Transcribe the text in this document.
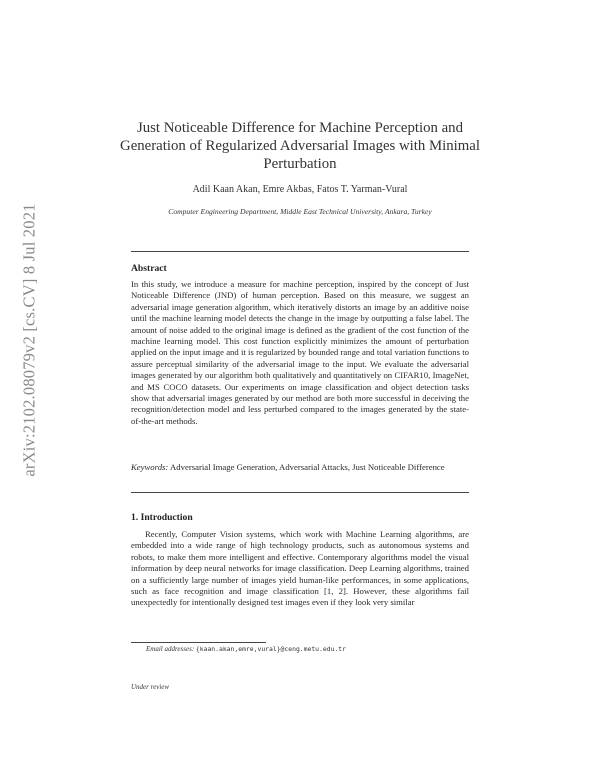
arXiv:2102.08079v2 [cs.CV] 8 Jul 2021
Just Noticeable Difference for Machine Perception and Generation of Regularized Adversarial Images with Minimal Perturbation
Adil Kaan Akan, Emre Akbas, Fatos T. Yarman-Vural
Computer Engineering Department, Middle East Technical University, Ankara, Turkey
Abstract
In this study, we introduce a measure for machine perception, inspired by the concept of Just Noticeable Difference (JND) of human perception. Based on this measure, we suggest an adversarial image generation algorithm, which iteratively distorts an image by an additive noise until the machine learning model detects the change in the image by outputting a false label. The amount of noise added to the original image is defined as the gradient of the cost function of the machine learning model. This cost function explicitly minimizes the amount of perturbation applied on the input image and it is regularized by bounded range and total variation functions to assure perceptual similarity of the adversarial image to the input. We evaluate the adversarial images generated by our algorithm both qualitatively and quantitatively on CIFAR10, ImageNet, and MS COCO datasets. Our experiments on image classification and object detection tasks show that adversarial images generated by our method are both more successful in deceiving the recognition/detection model and less perturbed compared to the images generated by the state-of-the-art methods.
Keywords: Adversarial Image Generation, Adversarial Attacks, Just Noticeable Difference
1. Introduction
Recently, Computer Vision systems, which work with Machine Learning algorithms, are embedded into a wide range of high technology products, such as autonomous systems and robots, to make them more intelligent and effective. Contemporary algorithms model the visual information by deep neural networks for image classification. Deep Learning algorithms, trained on a sufficiently large number of images yield human-like performances, in some applications, such as face recognition and image classification [1, 2]. However, these algorithms fail unexpectedly for intentionally designed test images even if they look very similar
Email addresses: {kaan.akan,emre,vural}@ceng.metu.edu.tr
Under review
